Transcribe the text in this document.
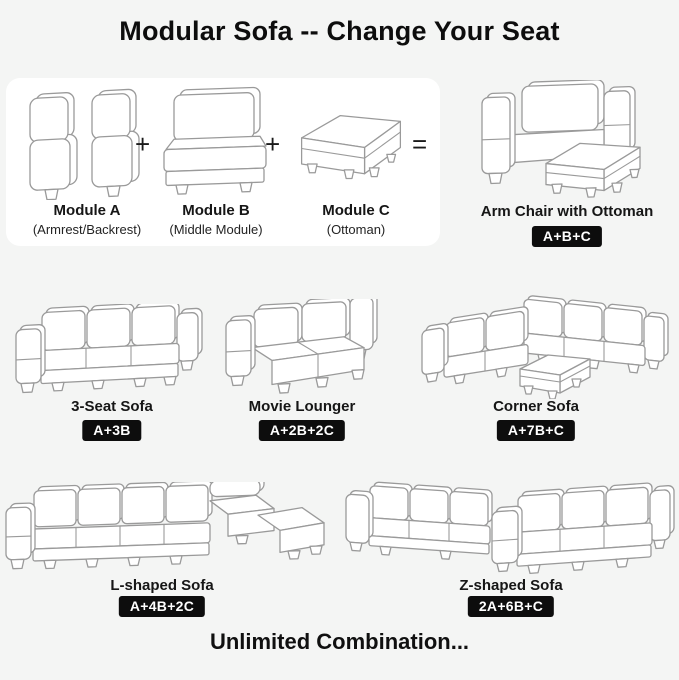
Modular Sofa -- Change Your Seat
+	+	=
Module A
(Armrest/Backrest)
Module B
(Middle Module)
Module C
(Ottoman)
Arm Chair with Ottoman
A+B+C
3-Seat Sofa
A+3B
Movie Lounger
A+2B+2C
Corner Sofa
A+7B+C
L-shaped Sofa
A+4B+2C
Z-shaped Sofa
2A+6B+C
Unlimited Combination...
